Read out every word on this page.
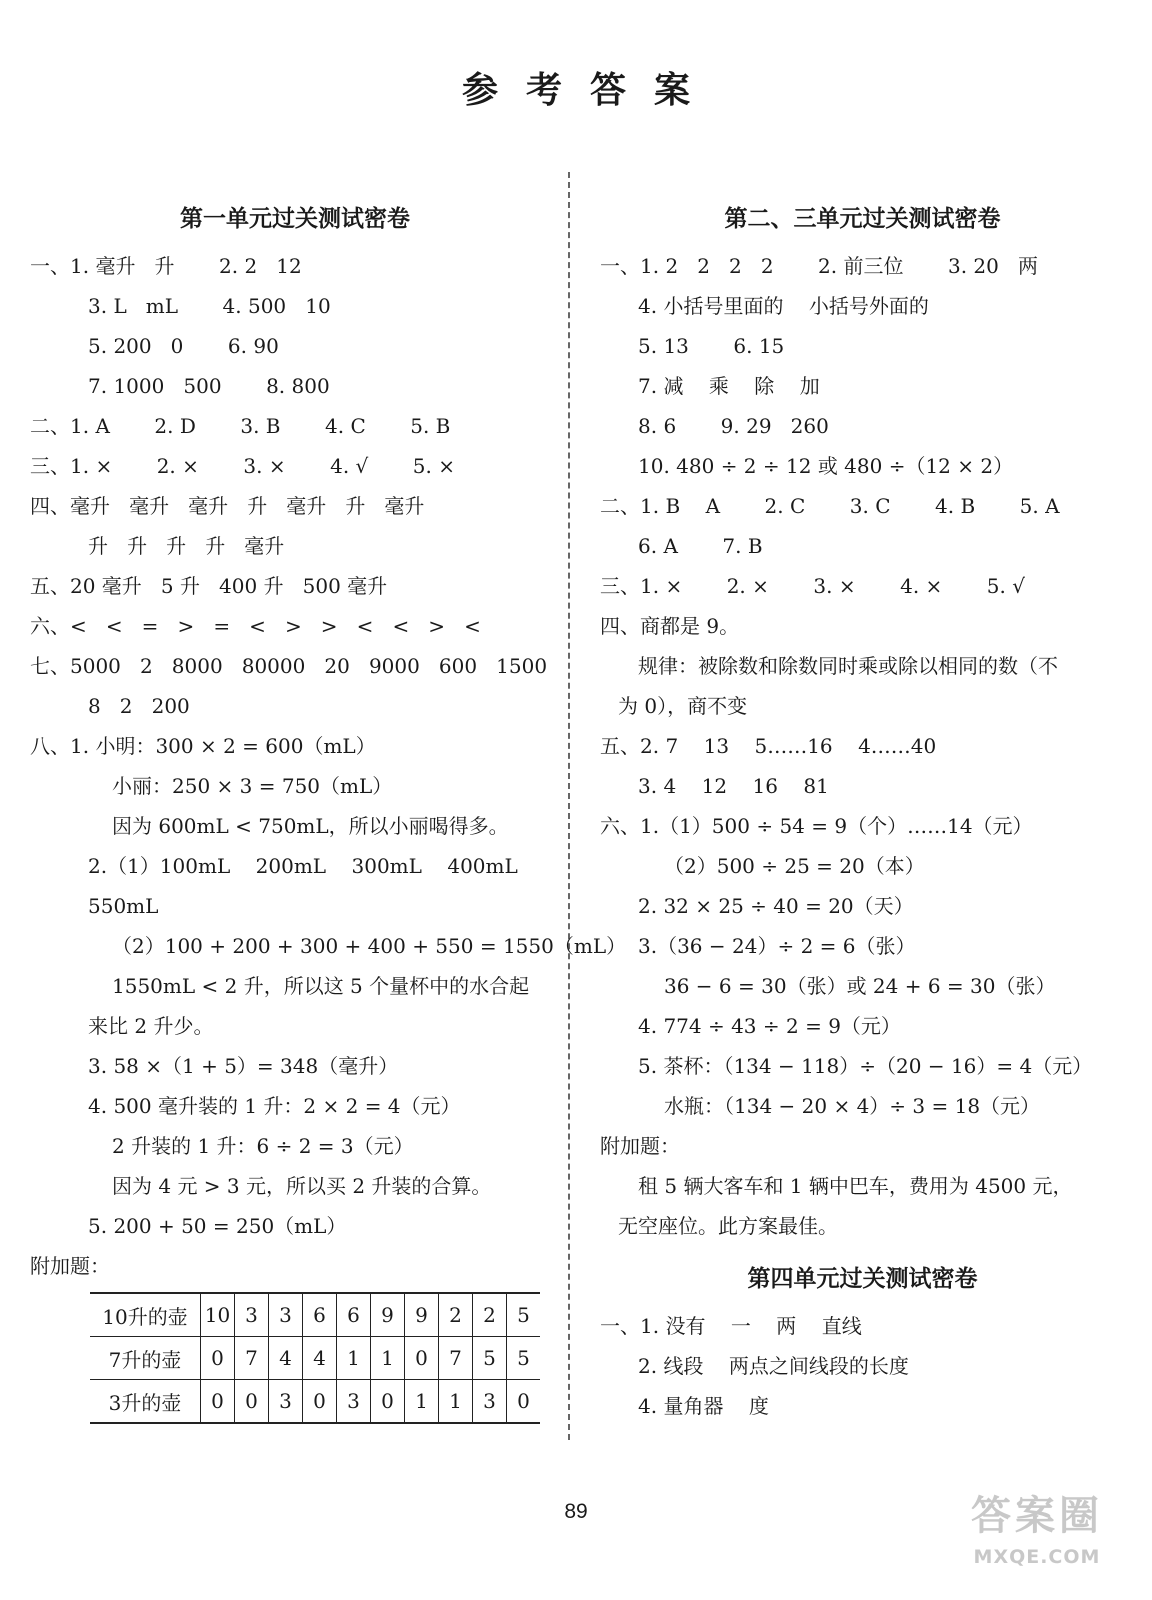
参考答案
第一单元过关测试密卷
一、1. 毫升   升       2. 2   12
3. L   mL       4. 500   10
5. 200   0       6. 90
7. 1000   500       8. 800
二、1. A       2. D       3. B       4. C       5. B
三、1. ×       2. ×       3. ×       4. √       5. ×
四、毫升   毫升   毫升   升   毫升   升   毫升
升   升   升   升   毫升
五、20 毫升   5 升   400 升   500 毫升
六、<   <   =   >   =   <   >   >   <   <   >   <
七、5000   2   8000   80000   20   9000   600   1500
8   2   200
八、1. 小明：300 × 2 = 600（mL）
小丽：250 × 3 = 750（mL）
因为 600mL < 750mL，所以小丽喝得多。
2.（1）100mL    200mL    300mL    400mL
550mL
（2）100 + 200 + 300 + 400 + 550 = 1550（mL）
1550mL < 2 升，所以这 5 个量杯中的水合起
来比 2 升少。
3. 58 ×（1 + 5）= 348（毫升）
4. 500 毫升装的 1 升：2 × 2 = 4（元）
2 升装的 1 升：6 ÷ 2 = 3（元）
因为 4 元 > 3 元，所以买 2 升装的合算。
5. 200 + 50 = 250（mL）
附加题：
10升的壶	10	3	3	6	6	9	9	2	2	5
7升的壶	0	7	4	4	1	1	0	7	5	5
3升的壶	0	0	3	0	3	0	1	1	3	0
第二、三单元过关测试密卷
一、1. 2   2   2   2       2. 前三位       3. 20   两
4. 小括号里面的    小括号外面的
5. 13       6. 15
7. 减    乘    除    加
8. 6       9. 29   260
10. 480 ÷ 2 ÷ 12 或 480 ÷（12 × 2）
二、1. B    A       2. C       3. C       4. B       5. A
6. A       7. B
三、1. ×       2. ×       3. ×       4. ×       5. √
四、商都是 9。
规律：被除数和除数同时乘或除以相同的数（不
为 0），商不变
五、2. 7    13    5……16    4……40
3. 4    12    16    81
六、1.（1）500 ÷ 54 = 9（个）……14（元）
（2）500 ÷ 25 = 20（本）
2. 32 × 25 ÷ 40 = 20（天）
3.（36 − 24）÷ 2 = 6（张）
36 − 6 = 30（张）或 24 + 6 = 30（张）
4. 774 ÷ 43 ÷ 2 = 9（元）
5. 茶杯：（134 − 118）÷（20 − 16）= 4（元）
水瓶：（134 − 20 × 4）÷ 3 = 18（元）
附加题：
租 5 辆大客车和 1 辆中巴车，费用为 4500 元，
无空座位。此方案最佳。
第四单元过关测试密卷
一、1. 没有    一    两    直线
2. 线段    两点之间线段的长度
4. 量角器    度
89	答案圈
MXQE.COM
